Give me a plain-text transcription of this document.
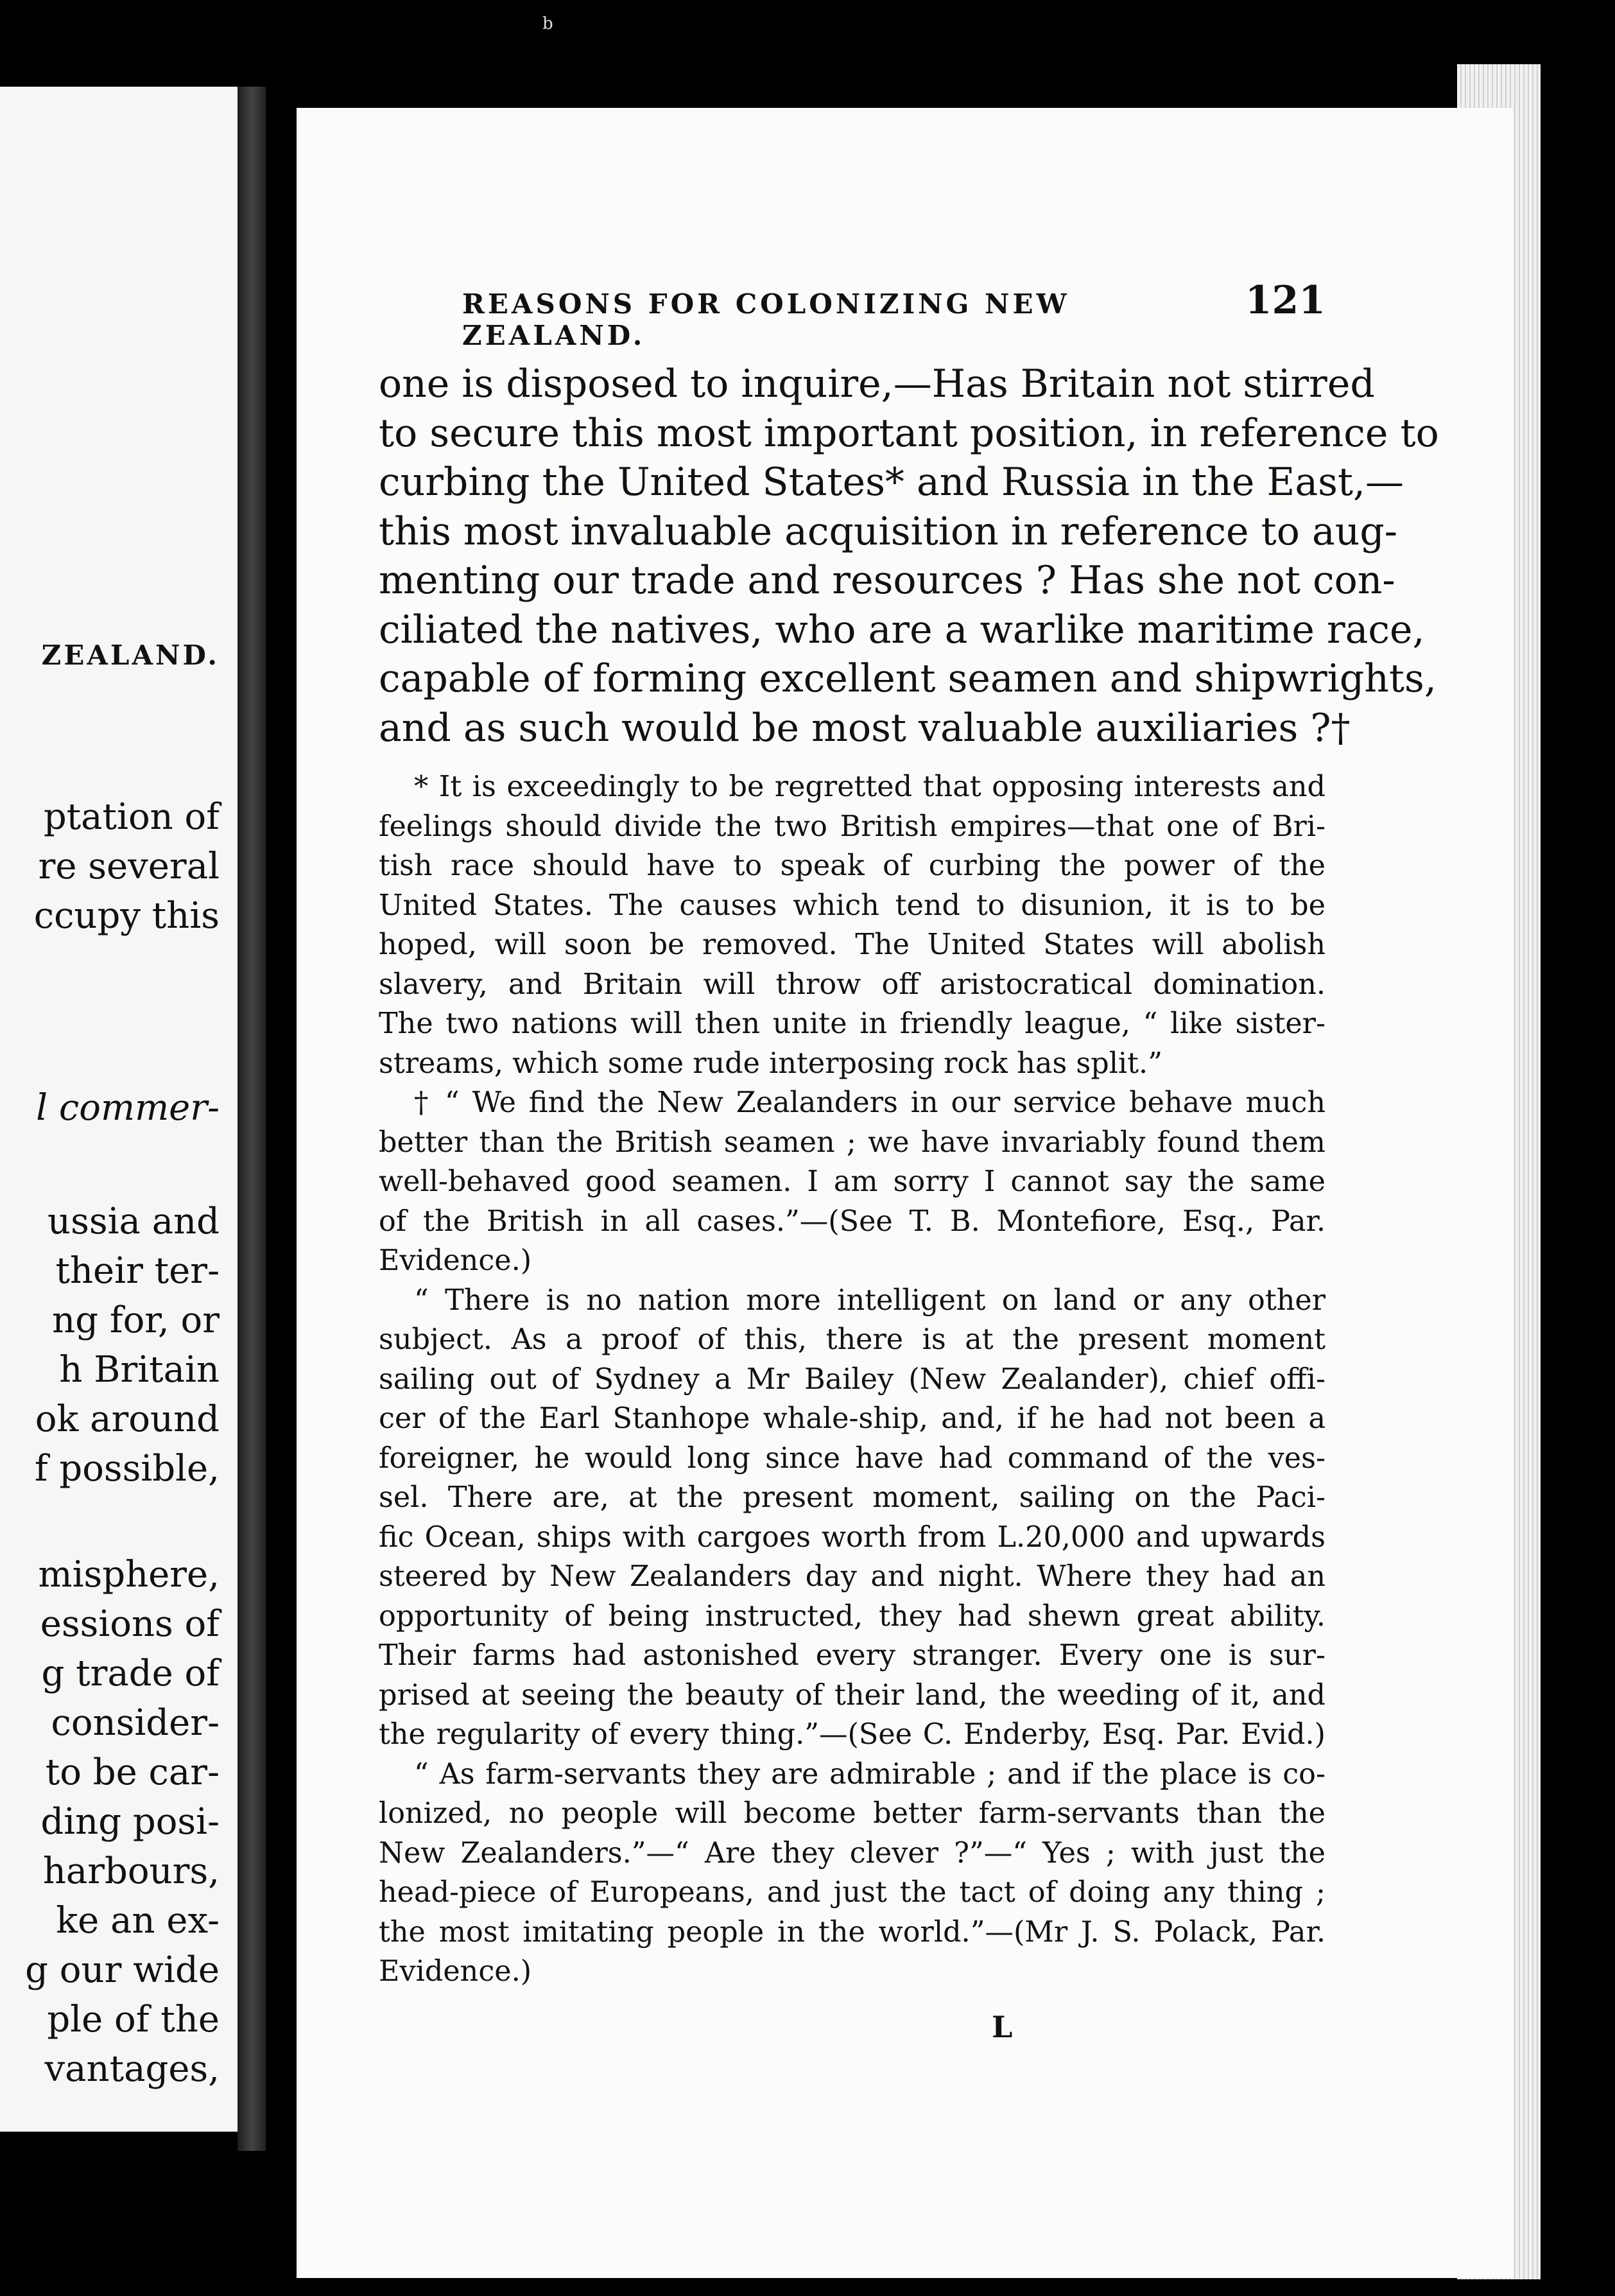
b
ZEALAND.
ptation of
re several
ccupy this
l commer-
ussia and
their ter-
ng for, or
h Britain
ok around
f possible,
misphere,
essions of
g trade of
consider-
to be car-
ding posi-
harbours,
ke an ex-
g our wide
ple of the
vantages,
REASONS FOR COLONIZING NEW ZEALAND.
121
one is disposed to inquire,—Has Britain not stirred
to secure this most important position, in reference to
curbing the United States* and Russia in the East,—
this most invaluable acquisition in reference to aug-
menting our trade and resources ? Has she not con-
ciliated the natives, who are a warlike maritime race,
capable of forming excellent seamen and shipwrights,
and as such would be most valuable auxiliaries ?†
* It is exceedingly to be regretted that opposing interests and
feelings should divide the two British empires—that one of Bri-
tish race should have to speak of curbing the power of the
United States. The causes which tend to disunion, it is to be
hoped, will soon be removed. The United States will abolish
slavery, and Britain will throw off aristocratical domination.
The two nations will then unite in friendly league, “ like sister-
streams, which some rude interposing rock has split.”
† “ We find the New Zealanders in our service behave much
better than the British seamen ; we have invariably found them
well-behaved good seamen. I am sorry I cannot say the same
of the British in all cases.”—(See T. B. Montefiore, Esq., Par.
Evidence.)
“ There is no nation more intelligent on land or any other
subject. As a proof of this, there is at the present moment
sailing out of Sydney a Mr Bailey (New Zealander), chief offi-
cer of the Earl Stanhope whale-ship, and, if he had not been a
foreigner, he would long since have had command of the ves-
sel. There are, at the present moment, sailing on the Paci-
fic Ocean, ships with cargoes worth from L.20,000 and upwards
steered by New Zealanders day and night. Where they had an
opportunity of being instructed, they had shewn great ability.
Their farms had astonished every stranger. Every one is sur-
prised at seeing the beauty of their land, the weeding of it, and
the regularity of every thing.”—(See C. Enderby, Esq. Par. Evid.)
“ As farm-servants they are admirable ; and if the place is co-
lonized, no people will become better farm-servants than the
New Zealanders.”—“ Are they clever ?”—“ Yes ; with just the
head-piece of Europeans, and just the tact of doing any thing ;
the most imitating people in the world.”—(Mr J. S. Polack, Par.
Evidence.)
L
